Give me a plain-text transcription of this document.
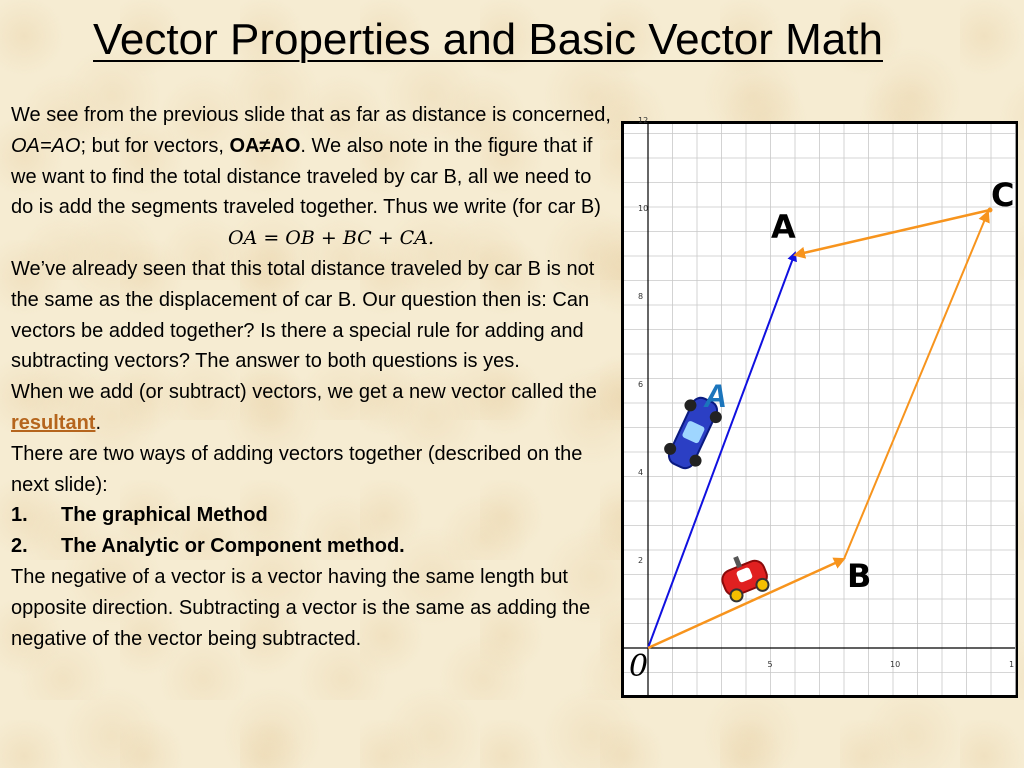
Vector Properties and Basic Vector Math

We see from the previous slide that as far as distance is concerned, OA=AO; but for vectors, OA≠AO. We also note in the figure that if we want to find the total distance traveled by car B, all we need to do is add the segments traveled together. Thus we write (for car B)

OA = OB + BC + CA.

We’ve already seen that this total distance traveled by car B is not the same as the displacement of car B. Our question then is: Can vectors be added together? Is there a special rule for adding and subtracting vectors? The answer to both questions is yes.

When we add (or subtract) vectors, we get a new vector called the resultant.

There are two ways of adding vectors together (described on the next slide):

1. The graphical Method

2. The Analytic or Component method.

The negative of a vector is a vector having the same length but opposite direction. Subtracting a vector is the same as adding the negative of the vector being subtracted.

2
4
6
8
10
12
5	10	1
0
A
B
C
A
